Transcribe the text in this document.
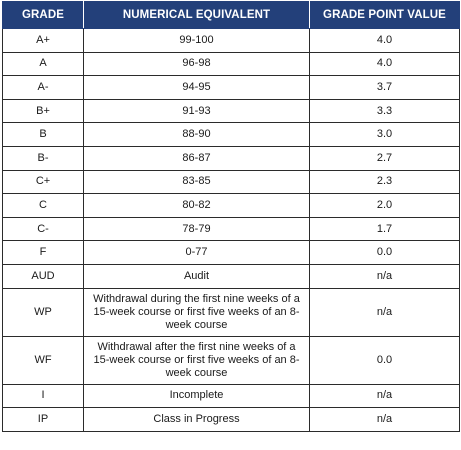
GRADE	NUMERICAL EQUIVALENT	GRADE POINT VALUE
A+	99-100	4.0
A	96-98	4.0
A-	94-95	3.7
B+	91-93	3.3
B	88-90	3.0
B-	86-87	2.7
C+	83-85	2.3
C	80-82	2.0
C-	78-79	1.7
F	0-77	0.0
AUD	Audit	n/a
WP	Withdrawal during the first nine weeks of a 15-week course or first five weeks of an 8-week course	n/a
WF	Withdrawal after the first nine weeks of a 15-week course or first five weeks of an 8-week course	0.0
I	Incomplete	n/a
IP	Class in Progress	n/a
